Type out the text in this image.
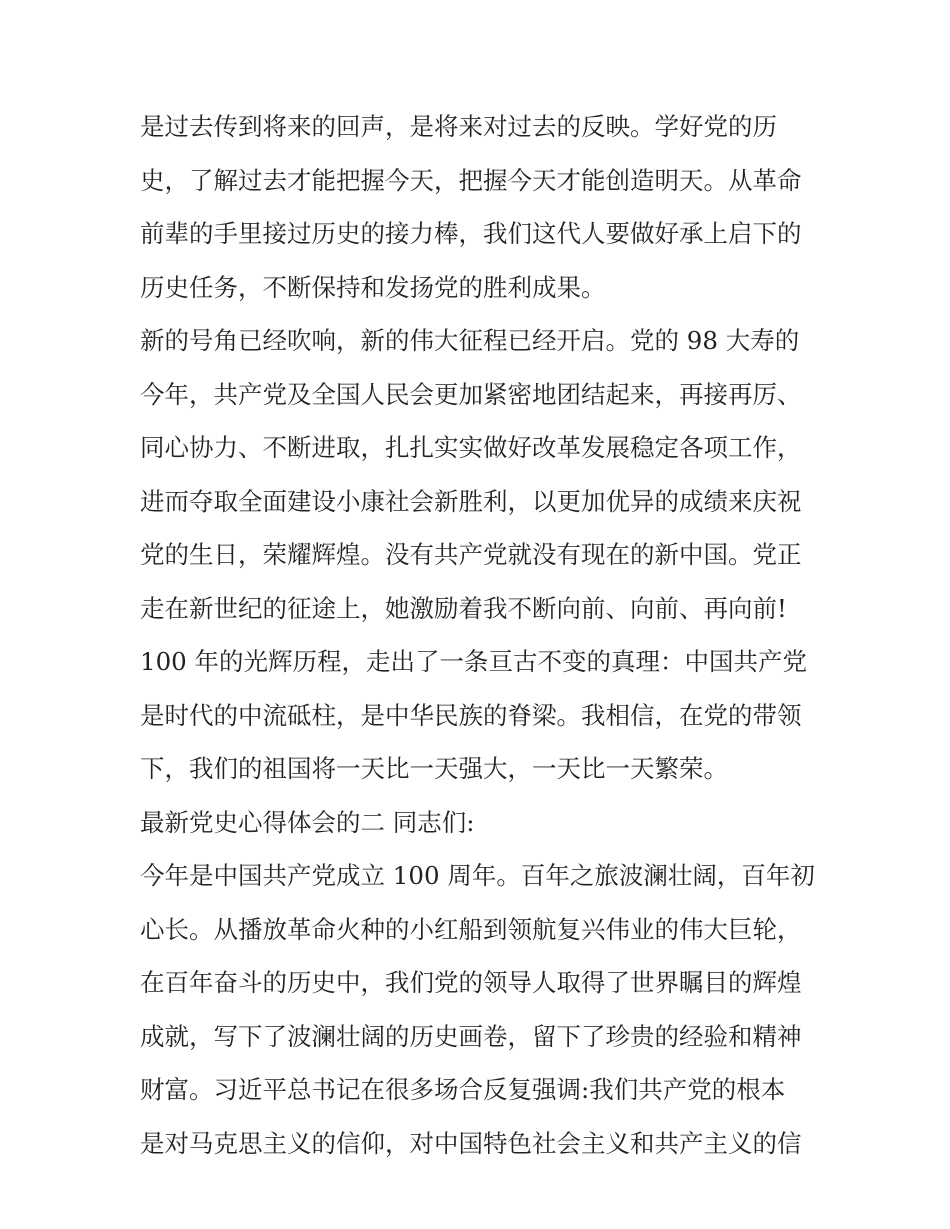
是过去传到将来的回声，是将来对过去的反映。学好党的历
史，了解过去才能把握今天，把握今天才能创造明天。从革命
前辈的手里接过历史的接力棒，我们这代人要做好承上启下的
历史任务，不断保持和发扬党的胜利成果。
新的号角已经吹响，新的伟大征程已经开启。党的 98 大寿的
今年，共产党及全国人民会更加紧密地团结起来，再接再厉、
同心协力、不断进取，扎扎实实做好改革发展稳定各项工作，
进而夺取全面建设小康社会新胜利，以更加优异的成绩来庆祝
党的生日，荣耀辉煌。没有共产党就没有现在的新中国。党正
走在新世纪的征途上，她激励着我不断向前、向前、再向前!
100 年的光辉历程，走出了一条亘古不变的真理：中国共产党
是时代的中流砥柱，是中华民族的脊梁。我相信，在党的带领
下，我们的祖国将一天比一天强大，一天比一天繁荣。
最新党史心得体会的二 同志们:
今年是中国共产党成立 100 周年。百年之旅波澜壮阔，百年初
心长。从播放革命火种的小红船到领航复兴伟业的伟大巨轮，
在百年奋斗的历史中，我们党的领导人取得了世界瞩目的辉煌
成就，写下了波澜壮阔的历史画卷，留下了珍贵的经验和精神
财富。习近平总书记在很多场合反复强调:我们共产党的根本
是对马克思主义的信仰，对中国特色社会主义和共产主义的信
